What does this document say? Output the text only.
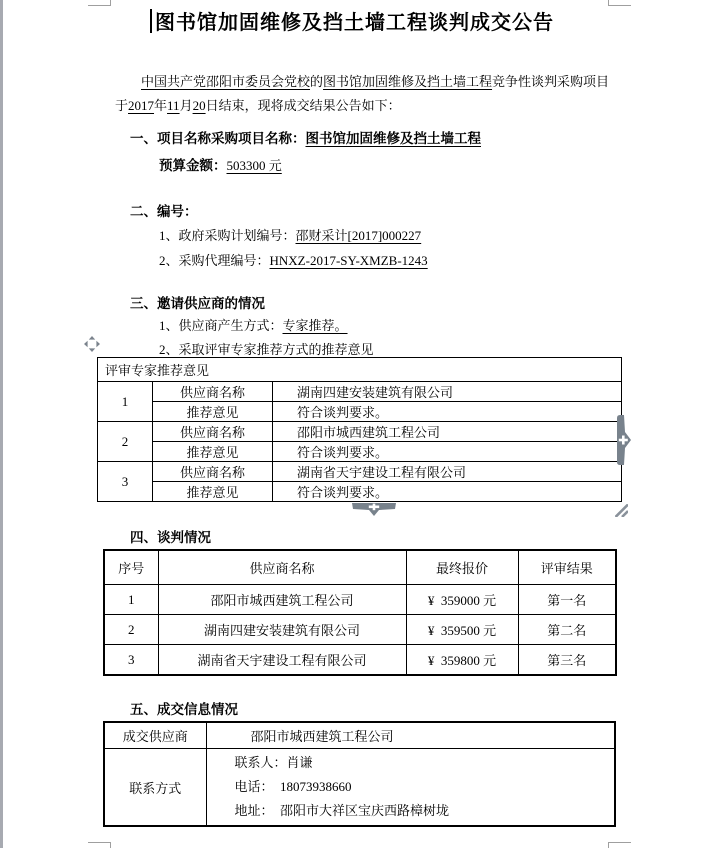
图书馆加固维修及挡土墙工程谈判成交公告

中国共产党邵阳市委员会党校的图书馆加固维修及挡土墙工程竞争性谈判采购项目于2017年11月20日结束，现将成交结果公告如下：

一、项目名称采购项目名称：图书馆加固维修及挡土墙工程
预算金额：503300 元
二、编号：
1、政府采购计划编号：邵财采计[2017]000227
2、采购代理编号：HNXZ-2017-SY-XMZB-1243
三、邀请供应商的情况
1、供应商产生方式：专家推荐。
2、采取评审专家推荐方式的推荐意见
评审专家推荐意见		
1	供应商名称	湖南四建安装建筑有限公司
	推荐意见	符合谈判要求。
2	供应商名称	邵阳市城西建筑工程公司
	推荐意见	符合谈判要求。
3	供应商名称	湖南省天宇建设工程有限公司
	推荐意见	符合谈判要求。
四、谈判情况
序号	供应商名称	最终报价	评审结果
1	邵阳市城西建筑工程公司	¥  359000 元	第一名
2	湖南四建安装建筑有限公司	¥  359500 元	第二名
3	湖南省天宇建设工程有限公司	¥  359800 元	第三名
五、成交信息情况
成交供应商	邵阳市城西建筑工程公司
联系方式	联系人：肖谦
电话：  18073938660
地址：  邵阳市大祥区宝庆西路樟树垅
